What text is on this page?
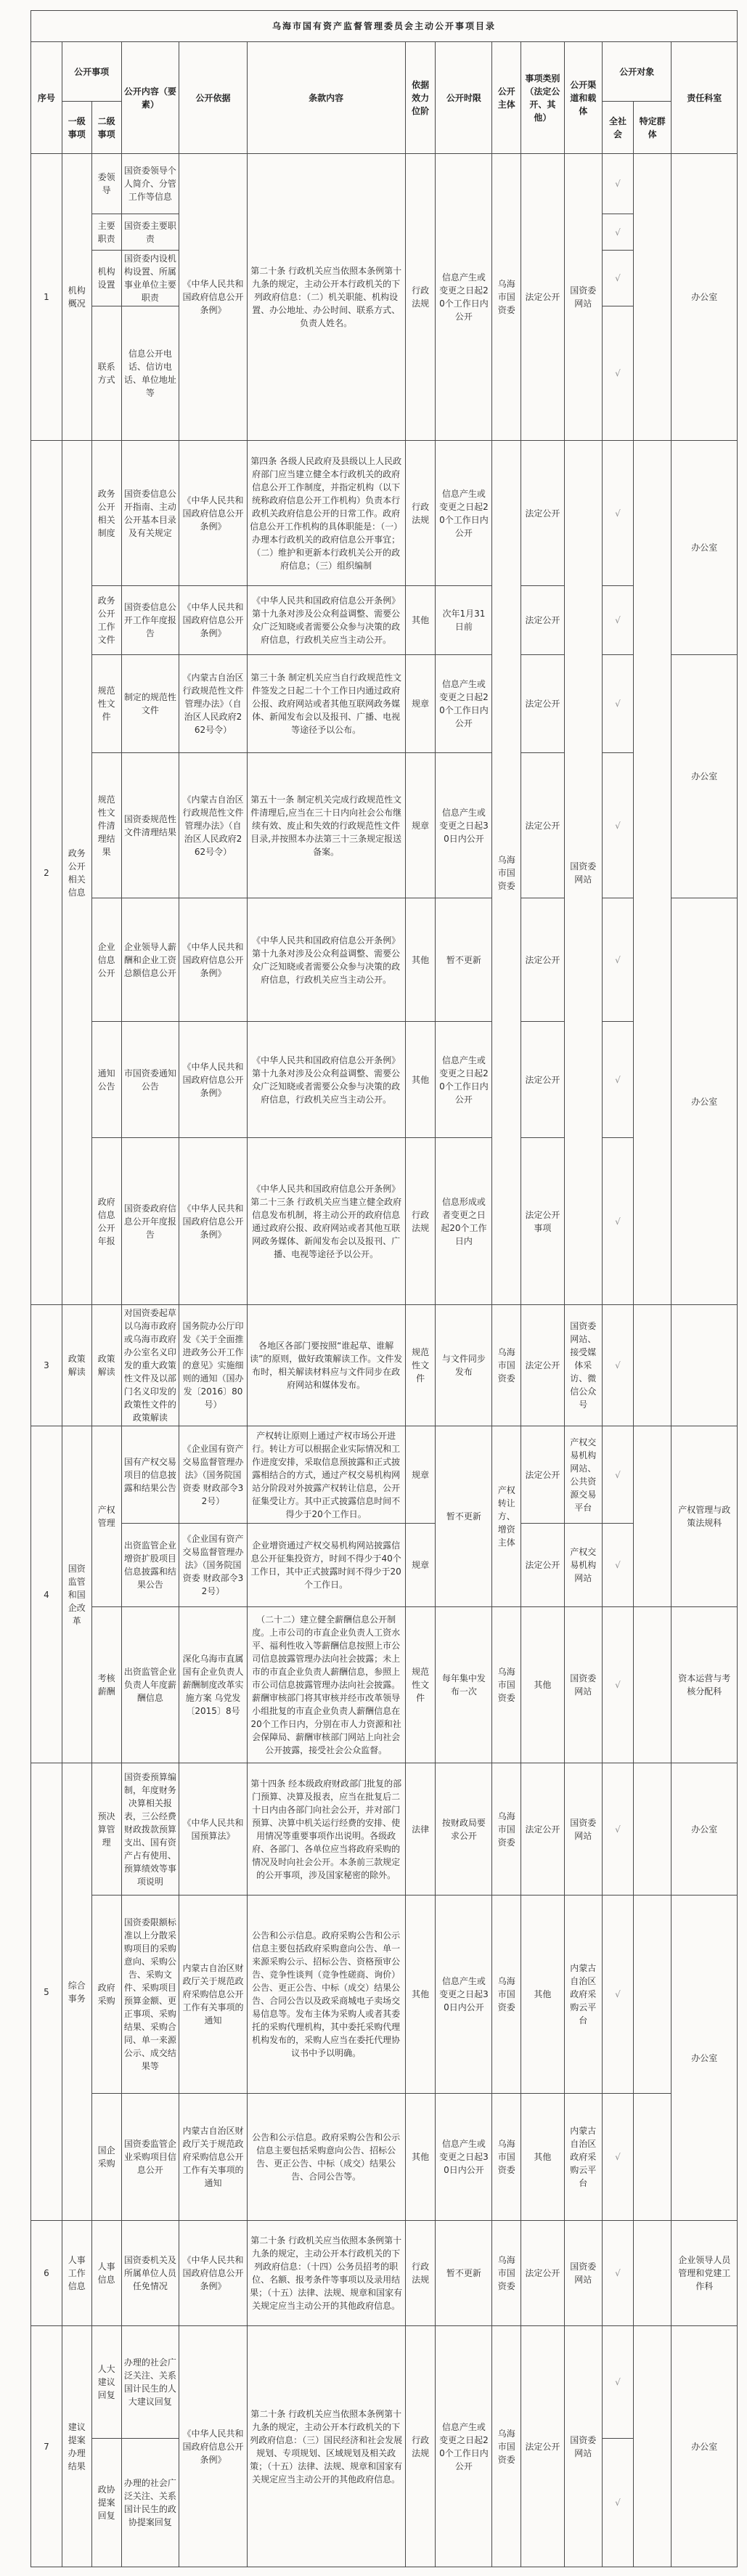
乌海市国有资产监督管理委员会主动公开事项目录													
序号	公开事项		公开内容（要素）	公开依据	条款内容	依据效力位阶	公开时限	公开主体	事项类别（法定公开、其他）	公开渠道和载体	公开对象		责任科室
	一级事项	二级事项									全社会	特定群体	
1	机构概况	委领导	国资委领导个人简介、分管工作等信息	《中华人民共和国政府信息公开条例》	第二十条 行政机关应当依照本条例第十九条的规定，主动公开本行政机关的下列政府信息：（二）机关职能、机构设置、办公地址、办公时间、联系方式、负责人姓名。	行政法规	信息产生或变更之日起20个工作日内公开	乌海市国资委	法定公开	国资委网站	√		办公室
		主要职责	国资委主要职责								√		
		机构设置	国资委内设机构设置、所属事业单位主要职责								√		
		联系方式	信息公开电话、信访电话、单位地址等								√		
2	政务公开相关信息	政务公开相关制度	国资委信息公开指南、主动公开基本目录及有关规定	《中华人民共和国政府信息公开条例》	第四条 各级人民政府及县级以上人民政府部门应当建立健全本行政机关的政府信息公开工作制度，并指定机构（以下统称政府信息公开工作机构）负责本行政机关政府信息公开的日常工作。政府信息公开工作机构的具体职能是：（一）办理本行政机关的政府信息公开事宜；（二）维护和更新本行政机关公开的政府信息；（三）组织编制	行政法规	信息产生或变更之日起20个工作日内公开	乌海市国资委	法定公开	国资委网站	√		办公室
		政务公开工作文件	国资委信息公开工作年度报告	《中华人民共和国政府信息公开条例》	《中华人民共和国政府信息公开条例》第十九条对涉及公众利益调整、需要公众广泛知晓或者需要公众参与决策的政府信息，行政机关应当主动公开。	其他	次年1月31日前		法定公开		√		
		规范性文件	制定的规范性文件	《内蒙古自治区行政规范性文件管理办法》（自治区人民政府262号令）	第三十条 制定机关应当自行政规范性文件签发之日起二十个工作日内通过政府公报、政府网站或者其他互联网政务媒体、新闻发布会以及报刊、广播、电视等途径予以公布。	规章	信息产生或变更之日起20个工作日内公开		法定公开		√		办公室
		规范性文件清理结果	国资委规范性文件清理结果	《内蒙古自治区行政规范性文件管理办法》（自治区人民政府262号令）	第五十一条 制定机关完成行政规范性文件清理后,应当在三十日内向社会公布继续有效、废止和失效的行政规范性文件目录,并按照本办法第三十三条规定报送备案。	规章	信息产生或变更之日起30日内公开		法定公开		√		
		企业信息公开	企业领导人薪酬和企业工资总额信息公开	《中华人民共和国政府信息公开条例》	《中华人民共和国政府信息公开条例》第十九条对涉及公众利益调整、需要公众广泛知晓或者需要公众参与决策的政府信息，行政机关应当主动公开。	其他	暂不更新		法定公开		√		办公室
		通知公告	市国资委通知公告	《中华人民共和国政府信息公开条例》	《中华人民共和国政府信息公开条例》第十九条对涉及公众利益调整、需要公众广泛知晓或者需要公众参与决策的政府信息，行政机关应当主动公开。	其他	信息产生或变更之日起20个工作日内公开		法定公开		√		
		政府信息公开年报	国资委政府信息公开年度报告	《中华人民共和国政府信息公开条例》	《中华人民共和国政府信息公开条例》第二十三条 行政机关应当建立健全政府信息发布机制，将主动公开的政府信息通过政府公报、政府网站或者其他互联网政务媒体、新闻发布会以及报刊、广播、电视等途径予以公开。	行政法规	信息形成或者变更之日起20个工作日内		法定公开事项		√		
3	政策解读	政策解读	对国资委起草以乌海市政府或乌海市政府办公室名义印发的重大政策性文件及以部门名义印发的政策性文件的政策解读	国务院办公厅印发《关于全面推进政务公开工作的意见》实施细则的通知（国办发〔2016〕80号）	各地区各部门要按照“谁起草、谁解读”的原则，做好政策解读工作。文件发布时，相关解读材料应与文件同步在政府网站和媒体发布。	规范性文件	与文件同步发布	乌海市国资委	法定公开	国资委网站、接受媒体采访、微信公众号	√		
4	国资监管和国企改革	产权管理	国有产权交易项目的信息披露和结果公告	《企业国有资产交易监督管理办法》（国务院国资委 财政部令32号）	产权转让原则上通过产权市场公开进行。转让方可以根据企业实际情况和工作进度安排，采取信息预披露和正式披露相结合的方式，通过产权交易机构网站分阶段对外披露产权转让信息，公开征集受让方。其中正式披露信息时间不得少于20个工作日。	规章	暂不更新	产权转让方、增资主体	法定公开	产权交易机构网站、公共资源交易平台	√		产权管理与政策法规科
			出资监管企业增资扩股项目信息披露和结果公告	《企业国有资产交易监督管理办法》（国务院国资委 财政部令32号）	企业增资通过产权交易机构网站披露信息公开征集投资方，时间不得少于40个工作日，其中正式披露时间不得少于20个工作日。	规章			法定公开	产权交易机构网站	√		
		考核薪酬	出资监管企业负责人年度薪酬信息	深化乌海市直属国有企业负责人薪酬制度改革实施方案 乌党发〔2015〕8号	（二十二）建立健全薪酬信息公开制度。上市公司的市直企业负责人工资水平、福利性收入等薪酬信息按照上市公司信息披露管理办法向社会披露；未上市的市直企业负责人薪酬信息，参照上市公司信息披露管理办法向社会披露。薪酬审核部门将其审核并经市改革领导小组批复的市直企业负责人薪酬信息在20个工作日内，分别在市人力资源和社会保障局、薪酬审核部门网站上向社会公开披露，接受社会公众监督。	规范性文件	每年集中发布一次	乌海市国资委	其他	国资委网站	√		资本运营与考核分配科
5	综合事务	预决算管理	国资委预算编制，年度财务决算相关报表，三公经费财政拨款预算支出、国有资产占有使用、预算绩效等事项说明	《中华人民共和国预算法》	第十四条 经本级政府财政部门批复的部门预算、决算及报表，应当在批复后二十日内由各部门向社会公开，并对部门预算、决算中机关运行经费的安排、使用情况等重要事项作出说明。各级政府、各部门、各单位应当将政府采购的情况及时向社会公开。本条前三款规定的公开事项，涉及国家秘密的除外。	法律	按财政局要求公开	乌海市国资委	法定公开	国资委网站	√		办公室
		政府采购	国资委限额标准以上分散采购项目的采购意向、采购公告、采购文件、采购项目预算金额、更正事项、采购结果、采购合同、单一来源公示、成交结果等	内蒙古自治区财政厅关于规范政府采购信息公开工作有关事项的通知	公告和公示信息。政府采购公告和公示信息主要包括政府采购意向公告、单一来源采购公示、招标公告、资格预审公告、竞争性谈判（竞争性磋商、询价）公告、更正公告、中标（成交）结果公告、合同公告以及政采商城电子卖场交易信息等。发布主体为采购人或者其委托的采购代理机构，其中委托采购代理机构发布的，采购人应当在委托代理协议书中予以明确。	其他	信息产生或变更之日起30日内公开	乌海市国资委	其他	内蒙古自治区政府采购云平台	√		办公室
		国企采购	国资委监管企业采购项目信息公开	内蒙古自治区财政厅关于规范政府采购信息公开工作有关事项的通知	公告和公示信息。政府采购公告和公示信息主要包括采购意向公告、招标公告、更正公告、中标（成交）结果公告、合同公告等。	其他	信息产生或变更之日起30日内公开	乌海市国资委	其他	内蒙古自治区政府采购云平台	√		
6	人事工作信息	人事信息	国资委机关及所属单位人员任免情况	《中华人民共和国政府信息公开条例》	第二十条 行政机关应当依照本条例第十九条的规定，主动公开本行政机关的下列政府信息：（十四）公务员招考的职位、名额、报考条件等事项以及录用结果；（十五）法律、法规、规章和国家有关规定应当主动公开的其他政府信息。	行政法规	暂不更新	乌海市国资委	法定公开	国资委网站	√		企业领导人员管理和党建工作科
7	建议提案办理结果	人大建议回复	办理的社会广泛关注、关系国计民生的人大建议回复	《中华人民共和国政府信息公开条例》	第二十条 行政机关应当依照本条例第十九条的规定，主动公开本行政机关的下列政府信息：（三）国民经济和社会发展规划、专项规划、区域规划及相关政策；（十五）法律、法规、规章和国家有关规定应当主动公开的其他政府信息。	行政法规	信息产生或变更之日起20个工作日内公开	乌海市国资委	法定公开	国资委网站	√		办公室
		政协提案回复	办理的社会广泛关注、关系国计民生的政协提案回复								√		
